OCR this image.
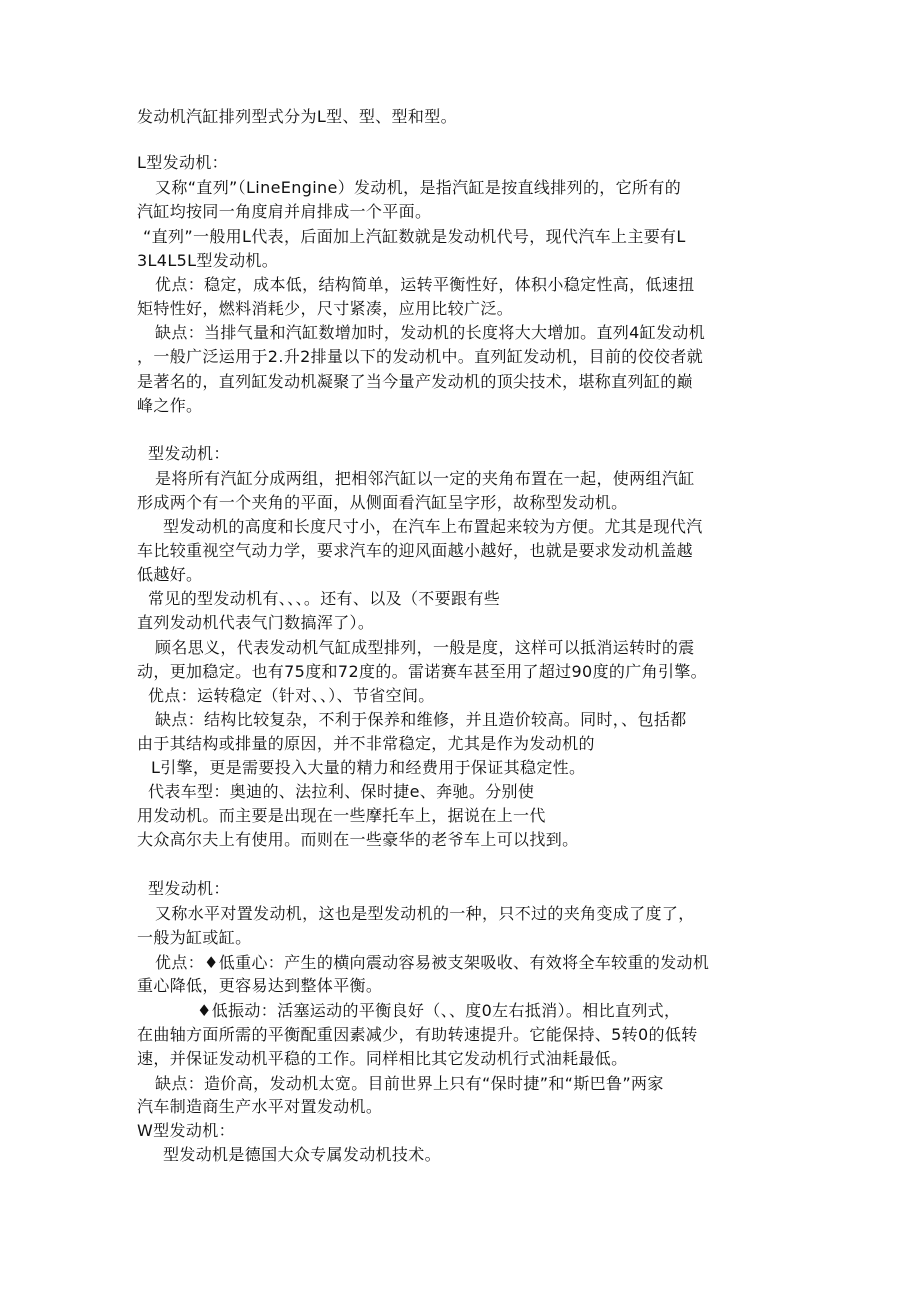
发动机汽缸排列型式分为L型、型、型和型。
L型发动机：
又称“直列”（LineEngine）发动机，是指汽缸是按直线排列的，它所有的
汽缸均按同一角度肩并肩排成一个平面。
“直列”一般用L代表，后面加上汽缸数就是发动机代号，现代汽车上主要有L
3L4L5L型发动机。
优点：稳定，成本低，结构简单，运转平衡性好，体积小稳定性高，低速扭
矩特性好，燃料消耗少，尺寸紧凑，应用比较广泛。
缺点：当排气量和汽缸数增加时，发动机的长度将大大增加。直列4缸发动机
，一般广泛运用于2.升2排量以下的发动机中。直列缸发动机，目前的佼佼者就
是著名的，直列缸发动机凝聚了当今量产发动机的顶尖技术，堪称直列缸的巅
峰之作。
型发动机：
是将所有汽缸分成两组，把相邻汽缸以一定的夹角布置在一起，使两组汽缸
形成两个有一个夹角的平面，从侧面看汽缸呈字形，故称型发动机。
型发动机的高度和长度尺寸小，在汽车上布置起来较为方便。尤其是现代汽
车比较重视空气动力学，要求汽车的迎风面越小越好，也就是要求发动机盖越
低越好。
常见的型发动机有、、、。还有、以及（不要跟有些
直列发动机代表气门数搞浑了）。
顾名思义，代表发动机气缸成型排列，一般是度，这样可以抵消运转时的震
动，更加稳定。也有75度和72度的。雷诺赛车甚至用了超过90度的广角引擎。
优点：运转稳定（针对、、）、节省空间。
缺点：结构比较复杂，不利于保养和维修，并且造价较高。同时，、包括都
由于其结构或排量的原因，并不非常稳定，尤其是作为发动机的
L引擎，更是需要投入大量的精力和经费用于保证其稳定性。
代表车型：奥迪的、法拉利、保时捷e、奔驰。分别使
用发动机。而主要是出现在一些摩托车上，据说在上一代
大众高尔夫上有使用。而则在一些豪华的老爷车上可以找到。
型发动机：
又称水平对置发动机，这也是型发动机的一种，只不过的夹角变成了度了，
一般为缸或缸。
优点：♦低重心：产生的横向震动容易被支架吸收、有效将全车较重的发动机
重心降低，更容易达到整体平衡。
♦低振动：活塞运动的平衡良好（、、度0左右抵消）。相比直列式，
在曲轴方面所需的平衡配重因素减少，有助转速提升。它能保持、5转0的低转
速，并保证发动机平稳的工作。同样相比其它发动机行式油耗最低。
缺点：造价高，发动机太宽。目前世界上只有“保时捷”和“斯巴鲁”两家
汽车制造商生产水平对置发动机。
W型发动机：
型发动机是德国大众专属发动机技术。
